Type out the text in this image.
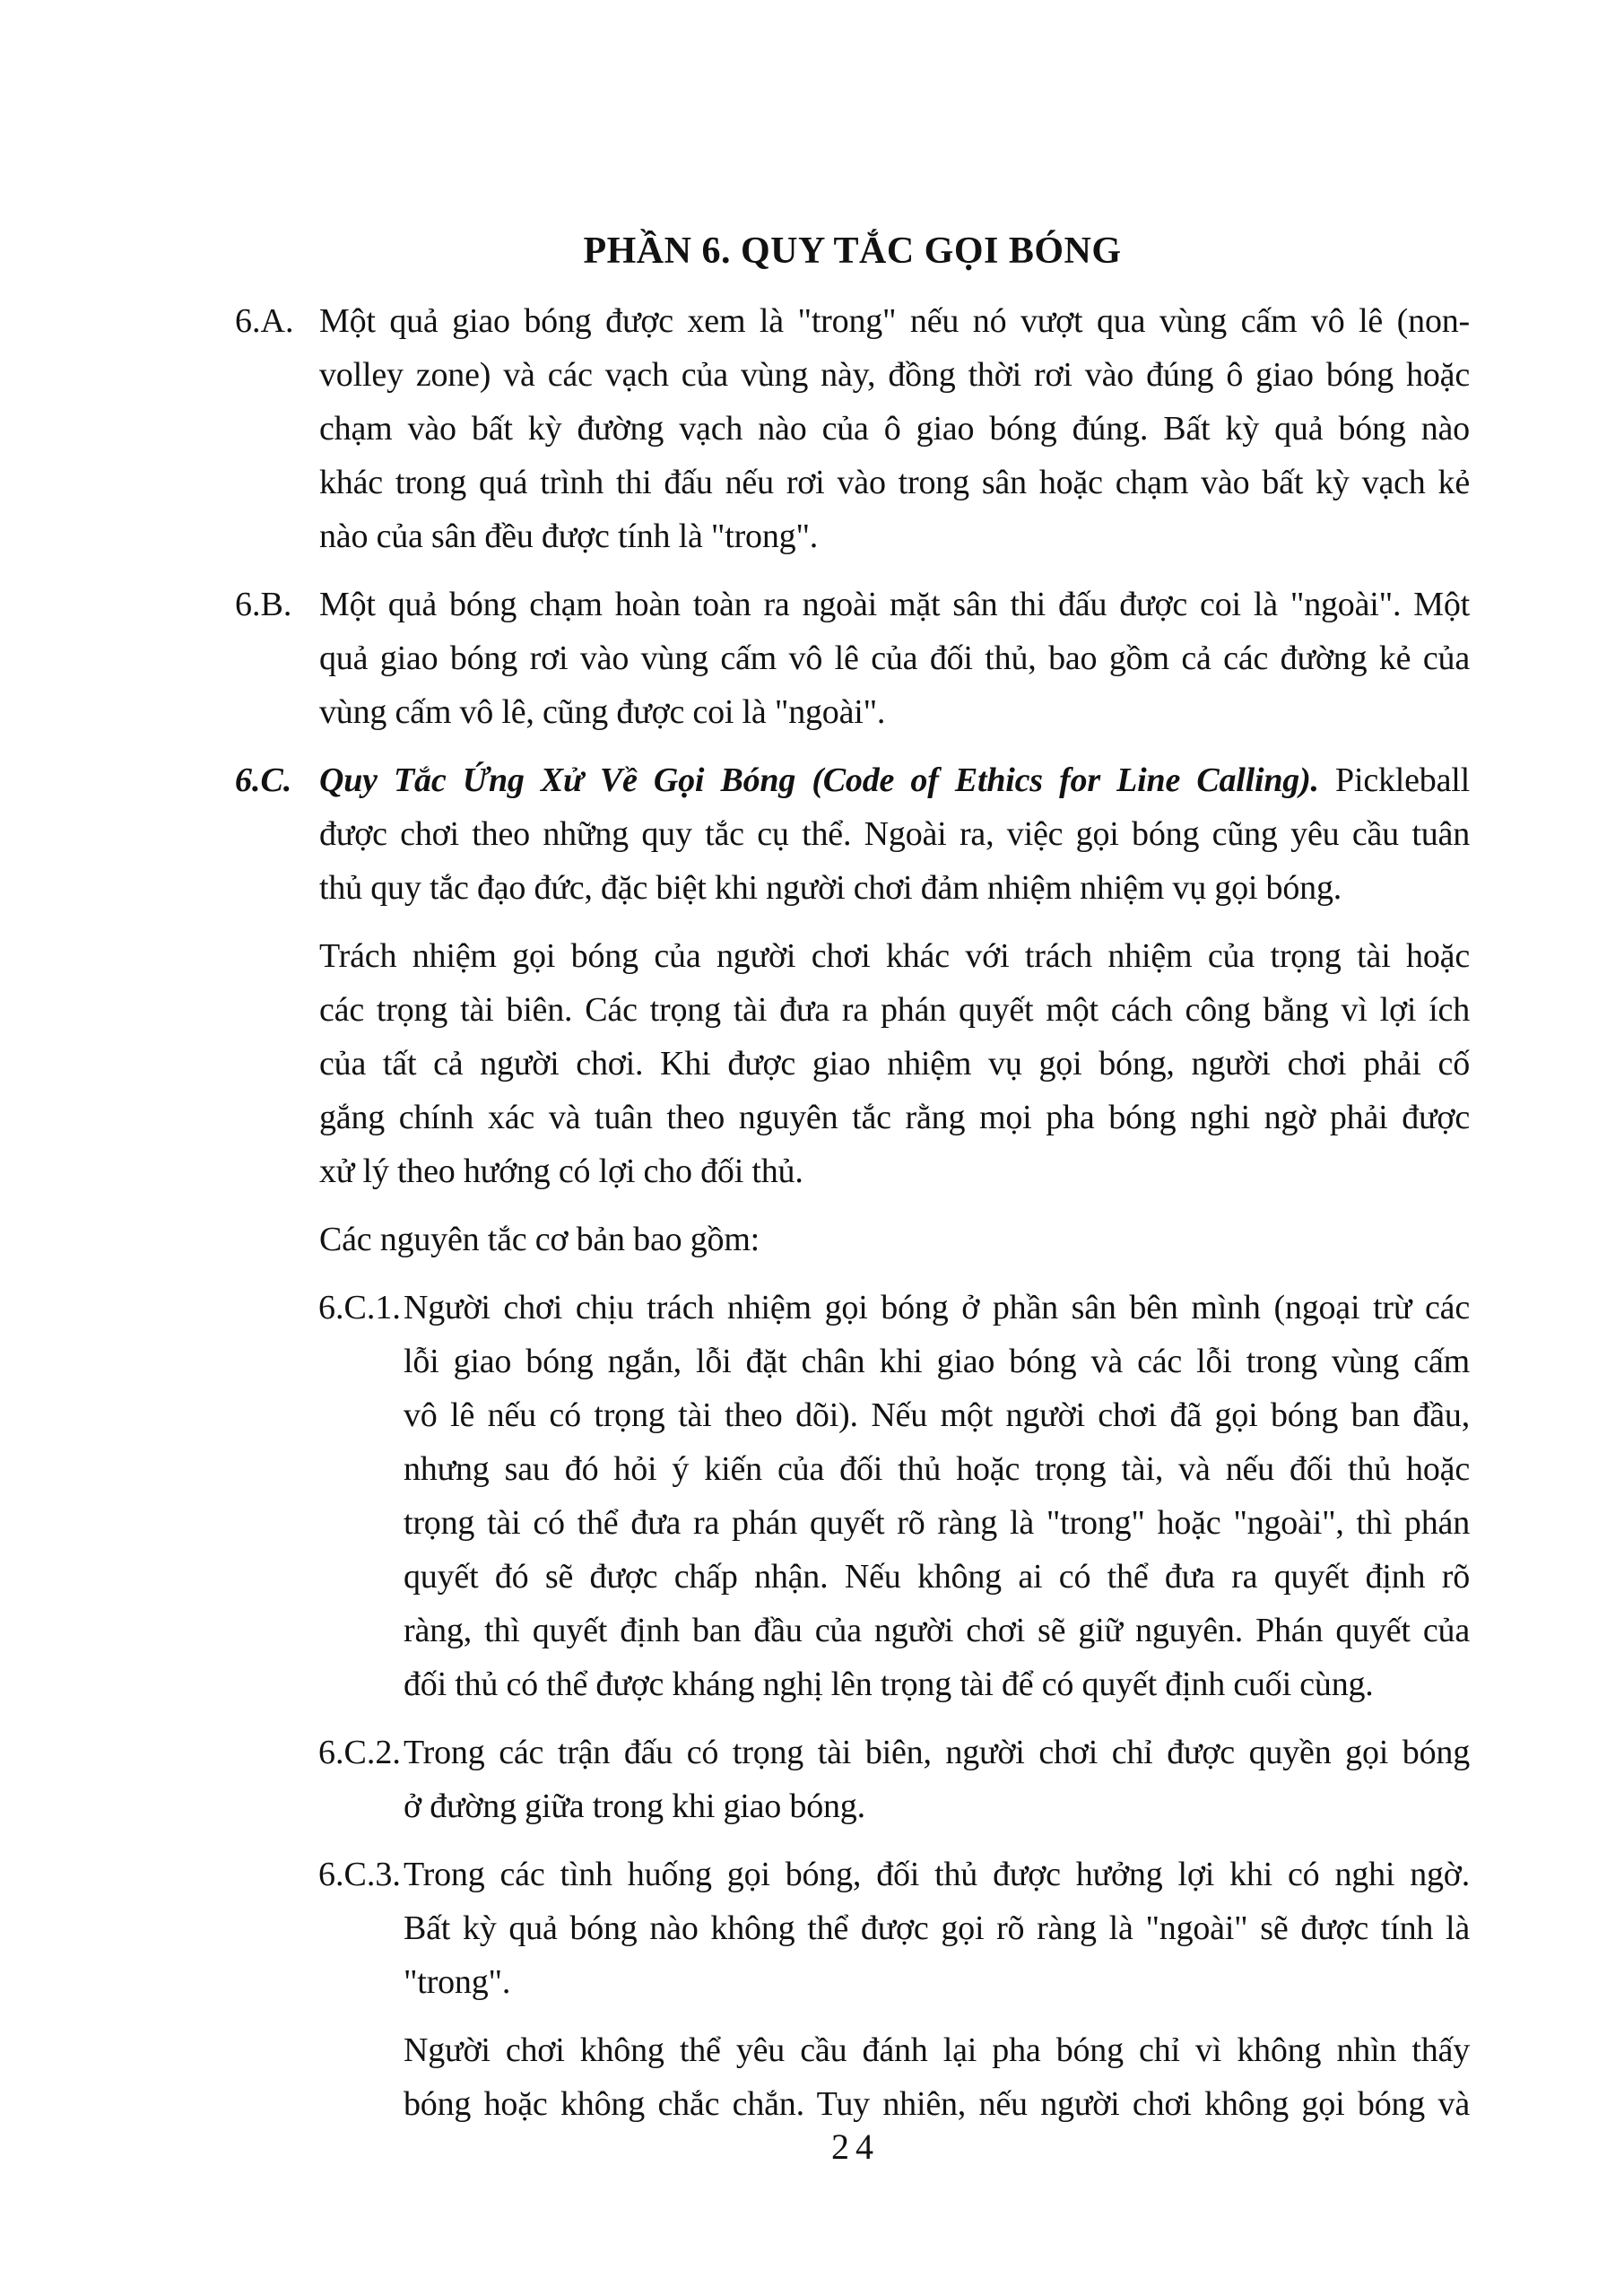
PHẦN 6. QUY TẮC GỌI BÓNG
6.A. Một quả giao bóng được xem là "trong" nếu nó vượt qua vùng cấm vô lê (non-
volley zone) và các vạch của vùng này, đồng thời rơi vào đúng ô giao bóng hoặc
chạm vào bất kỳ đường vạch nào của ô giao bóng đúng. Bất kỳ quả bóng nào
khác trong quá trình thi đấu nếu rơi vào trong sân hoặc chạm vào bất kỳ vạch kẻ
nào của sân đều được tính là "trong".
6.B. Một quả bóng chạm hoàn toàn ra ngoài mặt sân thi đấu được coi là "ngoài". Một
quả giao bóng rơi vào vùng cấm vô lê của đối thủ, bao gồm cả các đường kẻ của
vùng cấm vô lê, cũng được coi là "ngoài".
6.C. Quy Tắc Ứng Xử Về Gọi Bóng (Code of Ethics for Line Calling). Pickleball
được chơi theo những quy tắc cụ thể. Ngoài ra, việc gọi bóng cũng yêu cầu tuân
thủ quy tắc đạo đức, đặc biệt khi người chơi đảm nhiệm nhiệm vụ gọi bóng.
Trách nhiệm gọi bóng của người chơi khác với trách nhiệm của trọng tài hoặc
các trọng tài biên. Các trọng tài đưa ra phán quyết một cách công bằng vì lợi ích
của tất cả người chơi. Khi được giao nhiệm vụ gọi bóng, người chơi phải cố
gắng chính xác và tuân theo nguyên tắc rằng mọi pha bóng nghi ngờ phải được
xử lý theo hướng có lợi cho đối thủ.
Các nguyên tắc cơ bản bao gồm:
6.C.1. Người chơi chịu trách nhiệm gọi bóng ở phần sân bên mình (ngoại trừ các
lỗi giao bóng ngắn, lỗi đặt chân khi giao bóng và các lỗi trong vùng cấm
vô lê nếu có trọng tài theo dõi). Nếu một người chơi đã gọi bóng ban đầu,
nhưng sau đó hỏi ý kiến của đối thủ hoặc trọng tài, và nếu đối thủ hoặc
trọng tài có thể đưa ra phán quyết rõ ràng là "trong" hoặc "ngoài", thì phán
quyết đó sẽ được chấp nhận. Nếu không ai có thể đưa ra quyết định rõ
ràng, thì quyết định ban đầu của người chơi sẽ giữ nguyên. Phán quyết của
đối thủ có thể được kháng nghị lên trọng tài để có quyết định cuối cùng.
6.C.2. Trong các trận đấu có trọng tài biên, người chơi chỉ được quyền gọi bóng
ở đường giữa trong khi giao bóng.
6.C.3. Trong các tình huống gọi bóng, đối thủ được hưởng lợi khi có nghi ngờ.
Bất kỳ quả bóng nào không thể được gọi rõ ràng là "ngoài" sẽ được tính là
"trong".
Người chơi không thể yêu cầu đánh lại pha bóng chỉ vì không nhìn thấy
bóng hoặc không chắc chắn. Tuy nhiên, nếu người chơi không gọi bóng và
24
